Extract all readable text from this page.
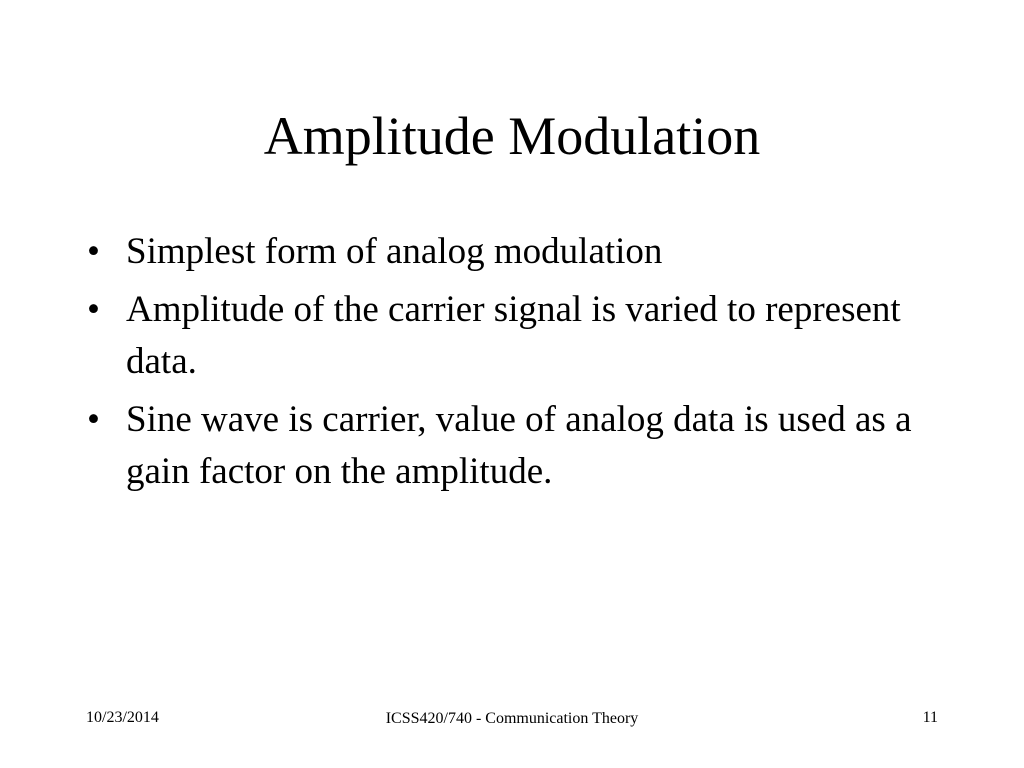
Amplitude Modulation
• Simplest form of analog modulation
• Amplitude of the carrier signal is varied to represent data.
• Sine wave is carrier, value of analog data is used as a gain factor on the amplitude.
10/23/2014	ICSS420/740 - Communication Theory	11
